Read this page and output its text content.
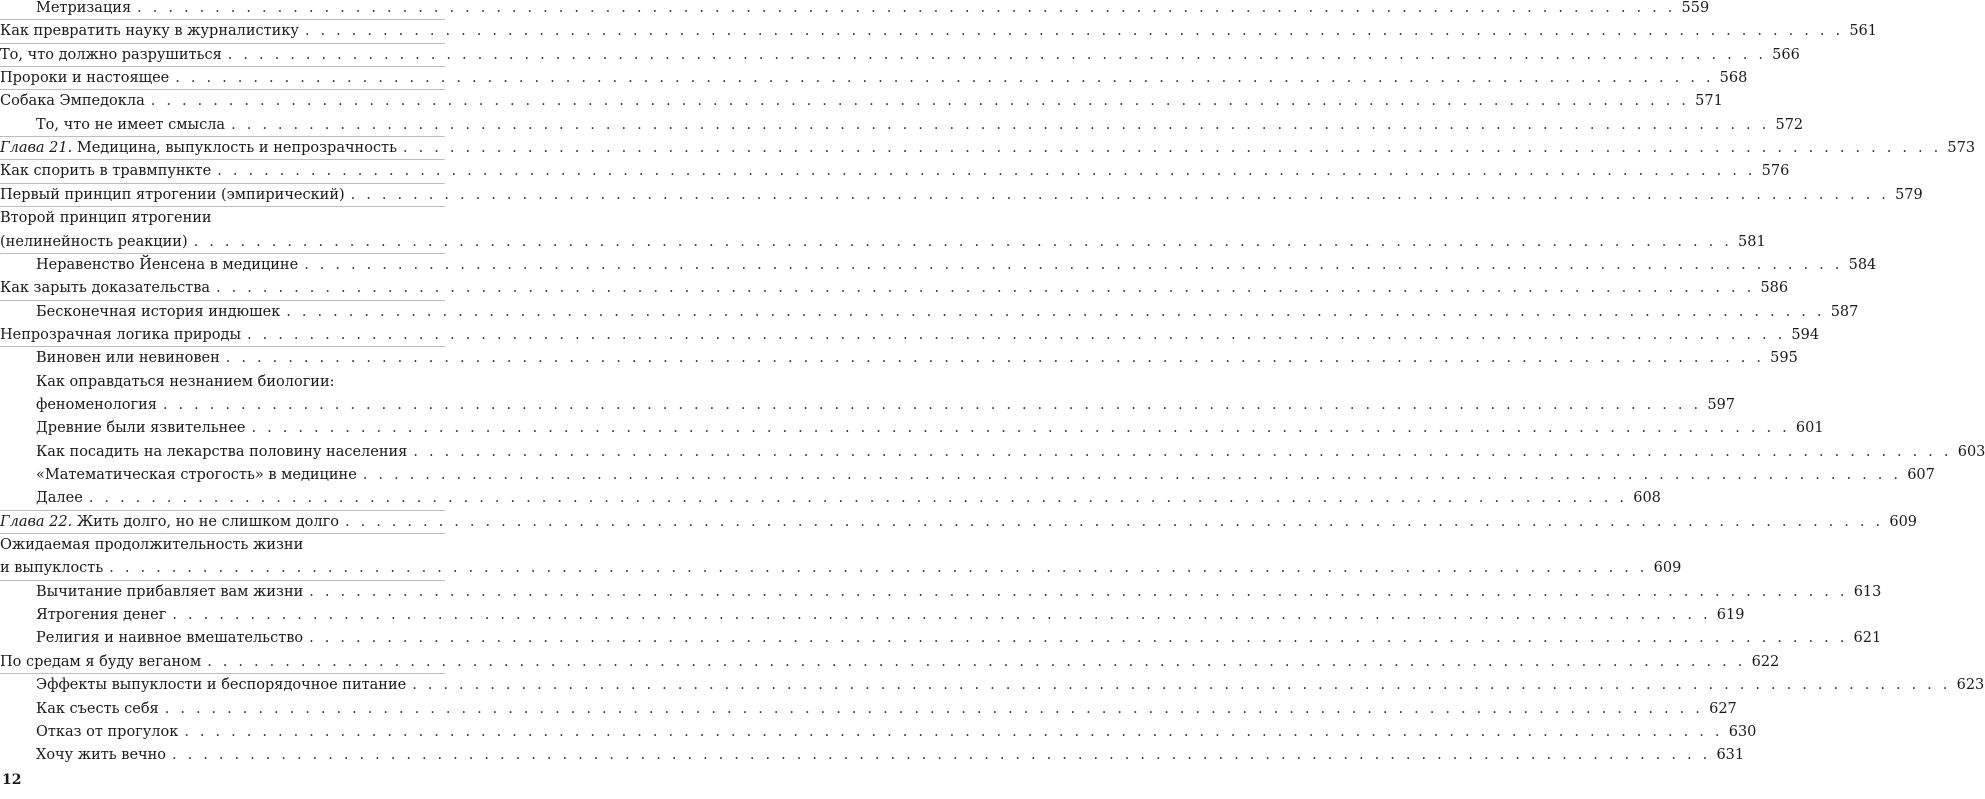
Метризация . . .	559
Как превратить науку в журналистику . . .	561
То, что должно разрушиться . . .	566
Пророки и настоящее . . .	568
Собака Эмпедокла . . .	571
То, что не имеет смысла . . .	572
Глава 21. Медицина, выпуклость и непрозрачность . . .	573
Как спорить в травмпункте . . .	576
Первый принцип ятрогении (эмпирический) . . .	579
Второй принцип ятрогении
(нелинейность реакции) . . .	581
Неравенство Йенсена в медицине . . .	584
Как зарыть доказательства . . .	586
Бесконечная история индюшек . . .	587
Непрозрачная логика природы . . .	594
Виновен или невиновен . . .	595
Как оправдаться незнанием биологии:
феноменология . . .	597
Древние были язвительнее . . .	601
Как посадить на лекарства половину населения . . .	603
«Математическая строгость» в медицине . . .	607
Далее . . .	608
Глава 22. Жить долго, но не слишком долго . . .	609
Ожидаемая продолжительность жизни
и выпуклость . . .	609
Вычитание прибавляет вам жизни . . .	613
Ятрогения денег . . .	619
Религия и наивное вмешательство . . .	621
По средам я буду веганом . . .	622
Эффекты выпуклости и беспорядочное питание . . .	623
Как съесть себя . . .	627
Отказ от прогулок . . .	630
Хочу жить вечно . . .	631
12
